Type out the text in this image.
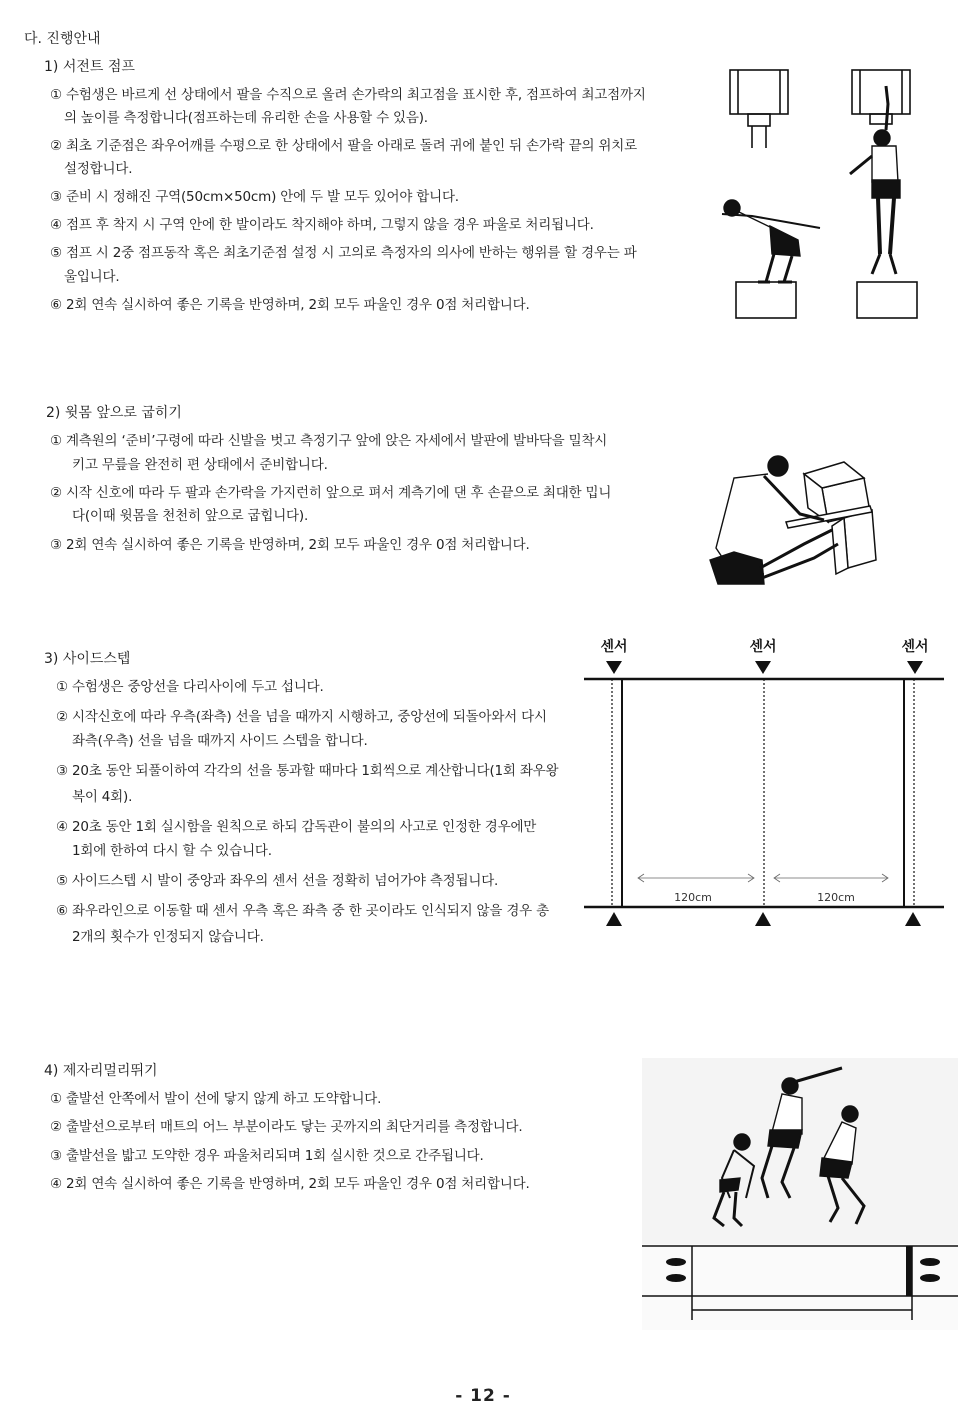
다. 진행안내
1) 서전트 점프
① 수험생은 바르게 선 상태에서 팔을 수직으로 올려 손가락의 최고점을 표시한 후, 점프하여 최고점까지
의 높이를 측정합니다(점프하는데 유리한 손을 사용할 수 있음).
② 최초 기준점은 좌우어깨를 수평으로 한 상태에서 팔을 아래로 돌려 귀에 붙인 뒤 손가락 끝의 위치로
설정합니다.
③ 준비 시 정해진 구역(50cm×50cm) 안에 두 발 모두 있어야 합니다.
④ 점프 후 착지 시 구역 안에 한 발이라도 착지해야 하며, 그렇지 않을 경우 파울로 처리됩니다.
⑤ 점프 시 2중 점프동작 혹은 최초기준점 설정 시 고의로 측정자의 의사에 반하는 행위를 할 경우는 파
울입니다.
⑥ 2회 연속 실시하여 좋은 기록을 반영하며, 2회 모두 파울인 경우 0점 처리합니다.
2) 윗몸 앞으로 굽히기
① 계측원의 ‘준비’구령에 따라 신발을 벗고 측정기구 앞에 앉은 자세에서 발판에 발바닥을 밀착시
키고 무릎을 완전히 편 상태에서 준비합니다.
② 시작 신호에 따라 두 팔과 손가락을 가지런히 앞으로 펴서 계측기에 댄 후 손끝으로 최대한 밉니
다(이때 윗몸을 천천히 앞으로 굽힙니다).
③ 2회 연속 실시하여 좋은 기록을 반영하며, 2회 모두 파울인 경우 0점 처리합니다.
3) 사이드스텝
① 수험생은 중앙선을 다리사이에 두고 섭니다.
② 시작신호에 따라 우측(좌측) 선을 넘을 때까지 시행하고, 중앙선에 되돌아와서 다시
좌측(우측) 선을 넘을 때까지 사이드 스텝을 합니다.
③ 20초 동안 되풀이하여 각각의 선을 통과할 때마다 1회씩으로 계산합니다(1회 좌우왕
복이 4회).
④ 20초 동안 1회 실시함을 원칙으로 하되 감독관이 불의의 사고로 인정한 경우에만
1회에 한하여 다시 할 수 있습니다.
⑤ 사이드스텝 시 발이 중앙과 좌우의 센서 선을 정확히 넘어가야 측정됩니다.
⑥ 좌우라인으로 이동할 때 센서 우측 혹은 좌측 중 한 곳이라도 인식되지 않을 경우 총
2개의 횟수가 인정되지 않습니다.
센서	센서	센서
120cm	120cm
4) 제자리멀리뛰기
① 출발선 안쪽에서 발이 선에 닿지 않게 하고 도약합니다.
② 출발선으로부터 매트의 어느 부분이라도 닿는 곳까지의 최단거리를 측정합니다.
③ 출발선을 밟고 도약한 경우 파울처리되며 1회 실시한 것으로 간주됩니다.
④ 2회 연속 실시하여 좋은 기록을 반영하며, 2회 모두 파울인 경우 0점 처리합니다.
- 12 -
